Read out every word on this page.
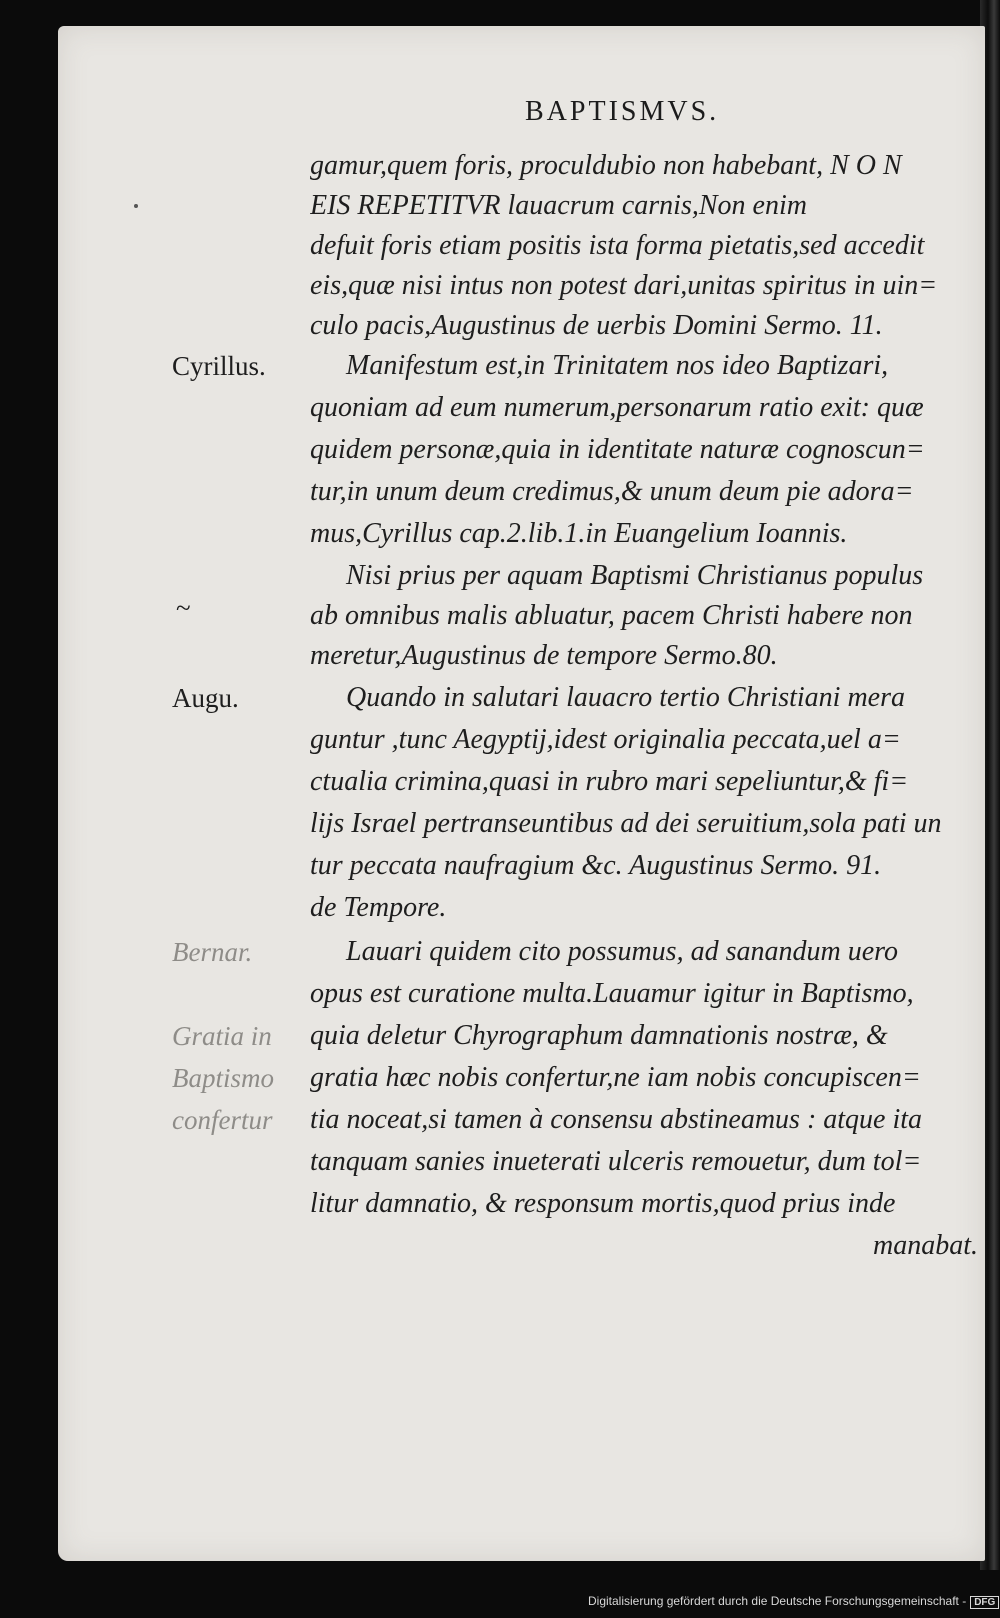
BAPTISMVS.
gamur,quem foris, proculdubio non habebant, N O N
EIS REPETITVR lauacrum carnis,Non enim
defuit foris etiam positis ista forma pietatis,sed accedit
eis,quæ nisi intus non potest dari,unitas spiritus in uin=
culo pacis,Augustinus de uerbis Domini Sermo. 11.
Cyrillus.	Manifestum est,in Trinitatem nos ideo Baptizari,
quoniam ad eum numerum,personarum ratio exit: quæ
quidem personæ,quia in identitate naturæ cognoscun=
tur,in unum deum credimus,& unum deum pie adora=
mus,Cyrillus cap.2.lib.1.in Euangelium Ioannis.
Nisi prius per aquam Baptismi Christianus populus
~	ab omnibus malis abluatur, pacem Christi habere non
meretur,Augustinus de tempore Sermo.80.
Augu.	Quando in salutari lauacro tertio Christiani mera
guntur ,tunc Aegyptij,idest originalia peccata,uel a=
ctualia crimina,quasi in rubro mari sepeliuntur,& fi=
lijs Israel pertranseuntibus ad dei seruitium,sola pati un
tur peccata naufragium &c. Augustinus Sermo. 91.
de Tempore.
Bernar.	Lauari quidem cito possumus, ad sanandum uero
opus est curatione multa.Lauamur igitur in Baptismo,
Gratia in	quia deletur Chyrographum damnationis nostræ, &
Baptismo	gratia hæc nobis confertur,ne iam nobis concupiscen=
confertur	tia noceat,si tamen à consensu abstineamus : atque ita
tanquam sanies inueterati ulceris remouetur, dum tol=
litur damnatio, & responsum mortis,quod prius inde
manabat.
Digitalisierung gefördert durch die Deutsche Forschungsgemeinschaft - DFG
